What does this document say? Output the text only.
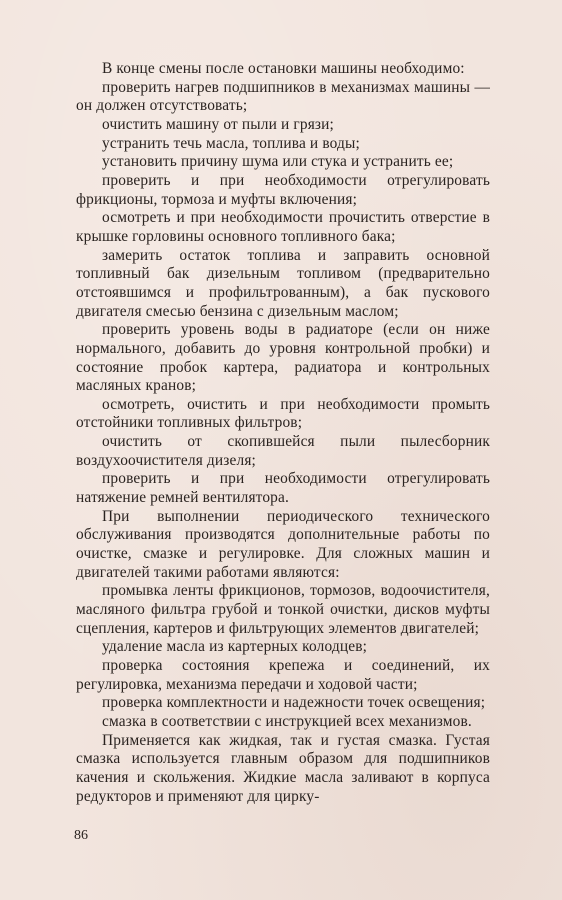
В конце смены после остановки машины необходимо:

проверить нагрев подшипников в механизмах машины — он должен отсутствовать;

очистить машину от пыли и грязи;

устранить течь масла, топлива и воды;

установить причину шума или стука и устранить ее;

проверить и при необходимости отрегулировать фрикционы, тормоза и муфты включения;

осмотреть и при необходимости прочистить отверстие в крышке горловины основного топливного бака;

замерить остаток топлива и заправить основной топливный бак дизельным топливом (предварительно отстоявшимся и профильтрованным), а бак пускового двигателя смесью бензина с дизельным маслом;

проверить уровень воды в радиаторе (если он ниже нормального, добавить до уровня контрольной пробки) и состояние пробок картера, радиатора и контрольных масляных кранов;

осмотреть, очистить и при необходимости промыть отстойники топливных фильтров;

очистить от скопившейся пыли пылесборник воздухоочистителя дизеля;

проверить и при необходимости отрегулировать натяжение ремней вентилятора.

При выполнении периодического технического обслуживания производятся дополнительные работы по очистке, смазке и регулировке. Для сложных машин и двигателей такими работами являются:

промывка ленты фрикционов, тормозов, водоочистителя, масляного фильтра грубой и тонкой очистки, дисков муфты сцепления, картеров и фильтрующих элементов двигателей;

удаление масла из картерных колодцев;

проверка состояния крепежа и соединений, их регулировка, механизма передачи и ходовой части;

проверка комплектности и надежности точек освещения;

смазка в соответствии с инструкцией всех механизмов.

Применяется как жидкая, так и густая смазка. Густая смазка используется главным образом для подшипников качения и скольжения. Жидкие масла заливают в корпуса редукторов и применяют для цирку-

86
